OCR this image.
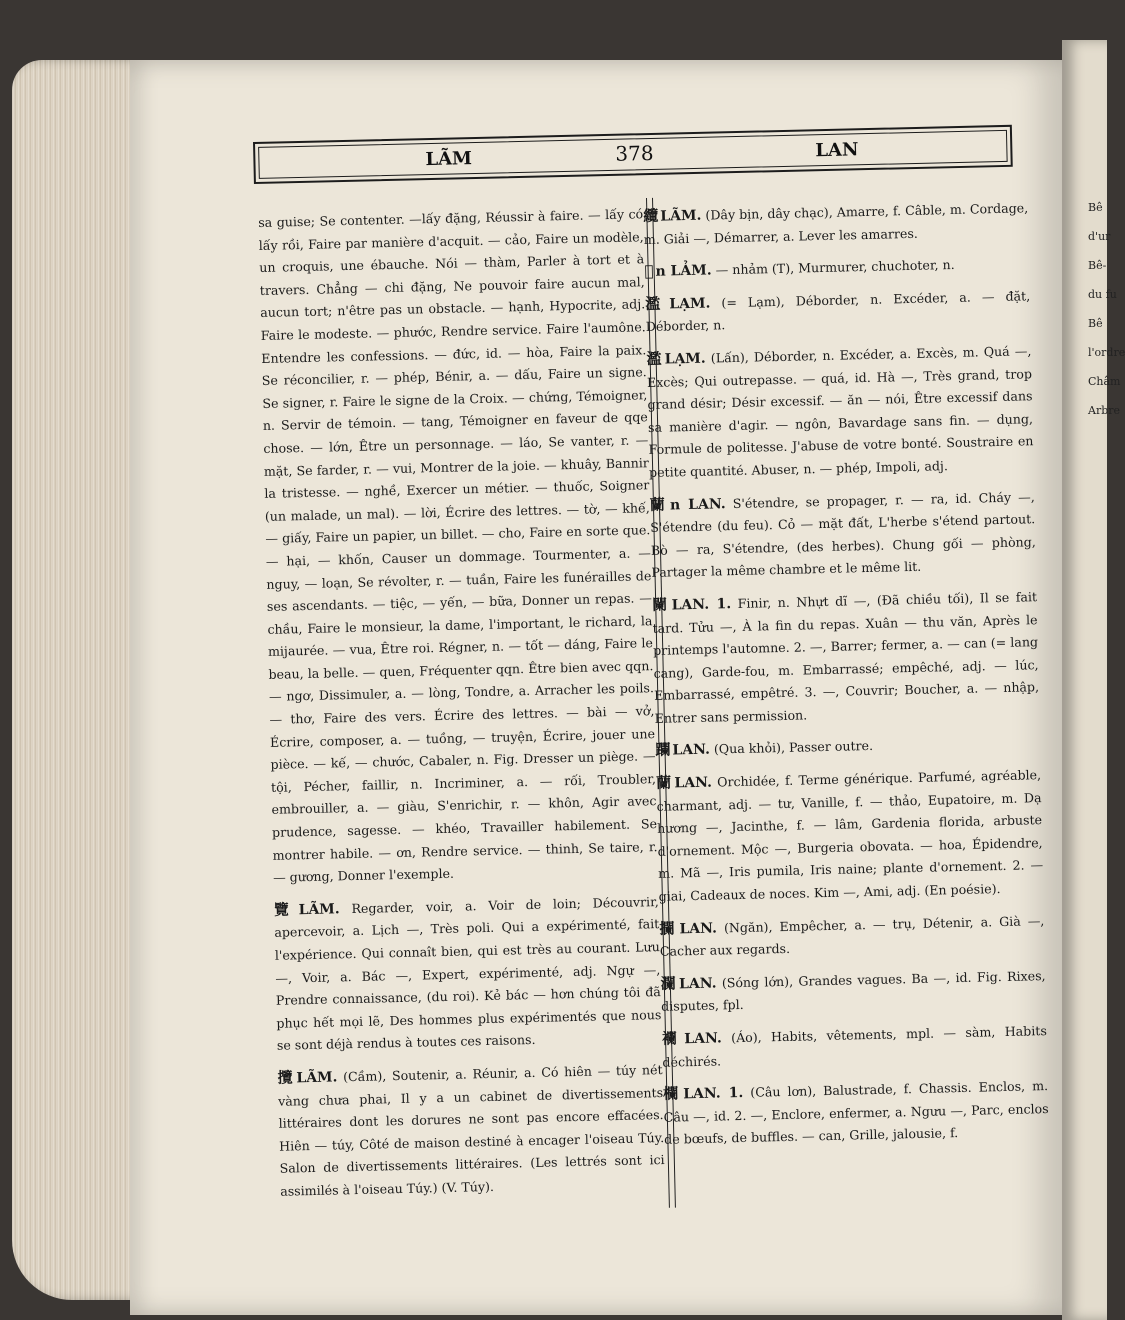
Bê
d'ur
Bê-
du fu
Bê
l'ordre
Châm
Arbre
LÃM	378	LAN

sa guise; Se contenter. —lấy đặng, Réussir à faire. — lấy có lấy rồi, Faire par manière d'acquit. — cảo, Faire un modèle, un croquis, une ébauche. Nói — thàm, Parler à tort et à travers. Chẳng — chi đặng, Ne pouvoir faire aucun mal, aucun tort; n'être pas un obstacle. — hạnh, Hypocrite, adj. Faire le modeste. — phước, Rendre service. Faire l'aumône. Entendre les confessions. — đức, id. — hòa, Faire la paix. Se réconcilier, r. — phép, Bénir, a. — dấu, Faire un signe. Se signer, r. Faire le signe de la Croix. — chứng, Témoigner, n. Servir de témoin. — tang, Témoigner en faveur de qqe chose. — lớn, Être un personnage. — láo, Se vanter, r. — mặt, Se farder, r. — vui, Montrer de la joie. — khuây, Bannir la tristesse. — nghề, Exercer un métier. — thuốc, Soigner (un malade, un mal). — lời, Écrire des lettres. — tờ, — khế, — giấy, Faire un papier, un billet. — cho, Faire en sorte que. — hại, — khốn, Causer un dommage. Tourmenter, a. — nguy, — loạn, Se révolter, r. — tuần, Faire les funérailles de ses ascendants. — tiệc, — yến, — bữa, Donner un repas. — chầu, Faire le monsieur, la dame, l'important, le richard, la mijaurée. — vua, Être roi. Régner, n. — tốt — dáng, Faire le beau, la belle. — quen, Fréquenter qqn. Être bien avec qqn. — ngơ, Dissimuler, a. — lòng, Tondre, a. Arracher les poils. — thơ, Faire des vers. Écrire des lettres. — bài — vở, Écrire, composer, a. — tuồng, — truyện, Écrire, jouer une pièce. — kế, — chước, Cabaler, n. Fig. Dresser un piège. — tội, Pécher, faillir, n. Incriminer, a. — rối, Troubler, embrouiller, a. — giàu, S'enrichir, r. — khôn, Agir avec prudence, sagesse. — khéo, Travailler habilement. Se montrer habile. — ơn, Rendre service. — thinh, Se taire, r. — gương, Donner l'exemple.

覽 LÃM. Regarder, voir, a. Voir de loin; Découvrir, apercevoir, a. Lịch —, Très poli. Qui a expérimenté, fait l'expérience. Qui connaît bien, qui est très au courant. Lưu —, Voir, a. Bác —, Expert, expérimenté, adj. Ngự —, Prendre connaissance, (du roi). Kẻ bác — hơn chúng tôi đã phục hết mọi lẽ, Des hommes plus expérimentés que nous se sont déjà rendus à toutes ces raisons.

攬 LÃM. (Cầm), Soutenir, a. Réunir, a. Có hiên — túy nét vàng chưa phai, Il y a un cabinet de divertissements littéraires dont les dorures ne sont pas encore effacées. Hiên — túy, Côté de maison destiné à encager l'oiseau Túy. Salon de divertissements littéraires. (Les lettrés sont ici assimilés à l'oiseau Túy.) (V. Túy).

纜 LÃM. (Dây bịn, dây chạc), Amarre, f. Câble, m. Cordage, m. Giải —, Démarrer, a. Lever les amarres.

𠻵 n LẢM. — nhảm (T), Murmurer, chuchoter, n.

濫 LẠM. (= Lạm), Déborder, n. Excéder, a. — đặt, Déborder, n.

濫 LẠM. (Lấn), Déborder, n. Excéder, a. Excès, m. Quá —, Excès; Qui outrepasse. — quá, id. Hà —, Très grand, trop grand désir; Désir excessif. — ăn — nói, Être excessif dans sa manière d'agir. — ngôn, Bavardage sans fin. — dụng, Formule de politesse. J'abuse de votre bonté. Soustraire en petite quantité. Abuser, n. — phép, Impoli, adj.

蘭 n LAN. S'étendre, se propager, r. — ra, id. Cháy —, S'étendre (du feu). Cỏ — mặt đất, L'herbe s'étend partout. Bò — ra, S'étendre, (des herbes). Chung gối — phòng, Partager la même chambre et le même lit.

闌 LAN. 1. Finir, n. Nhựt dĩ —, (Đã chiều tối), Il se fait tard. Tửu —, À la fin du repas. Xuân — thu văn, Après le printemps l'automne. 2. —, Barrer; fermer, a. — can (= lang cang), Garde-fou, m. Embarrassé; empêché, adj. — lúc, Embarrassé, empêtré. 3. —, Couvrir; Boucher, a. — nhập, Entrer sans permission.

躝 LAN. (Qua khỏi), Passer outre.

蘭 LAN. Orchidée, f. Terme générique. Parfumé, agréable, charmant, adj. — tư, Vanille, f. — thảo, Eupatoire, m. Dạ hương —, Jacinthe, f. — lâm, Gardenia florida, arbuste d'ornement. Mộc —, Burgeria obovata. — hoa, Épidendre, m. Mã —, Iris pumila, Iris naine; plante d'ornement. 2. — giai, Cadeaux de noces. Kim —, Ami, adj. (En poésie).

攔 LAN. (Ngăn), Empêcher, a. — trụ, Détenir, a. Già —, Cacher aux regards.

瀾 LAN. (Sóng lớn), Grandes vagues. Ba —, id. Fig. Rixes, disputes, fpl.

襴 LAN. (Áo), Habits, vêtements, mpl. — sàm, Habits déchirés.

欄 LAN. 1. (Câu lơn), Balustrade, f. Chassis. Enclos, m. Câu —, id. 2. —, Enclore, enfermer, a. Ngưu —, Parc, enclos de bœufs, de buffles. — can, Grille, jalousie, f.
